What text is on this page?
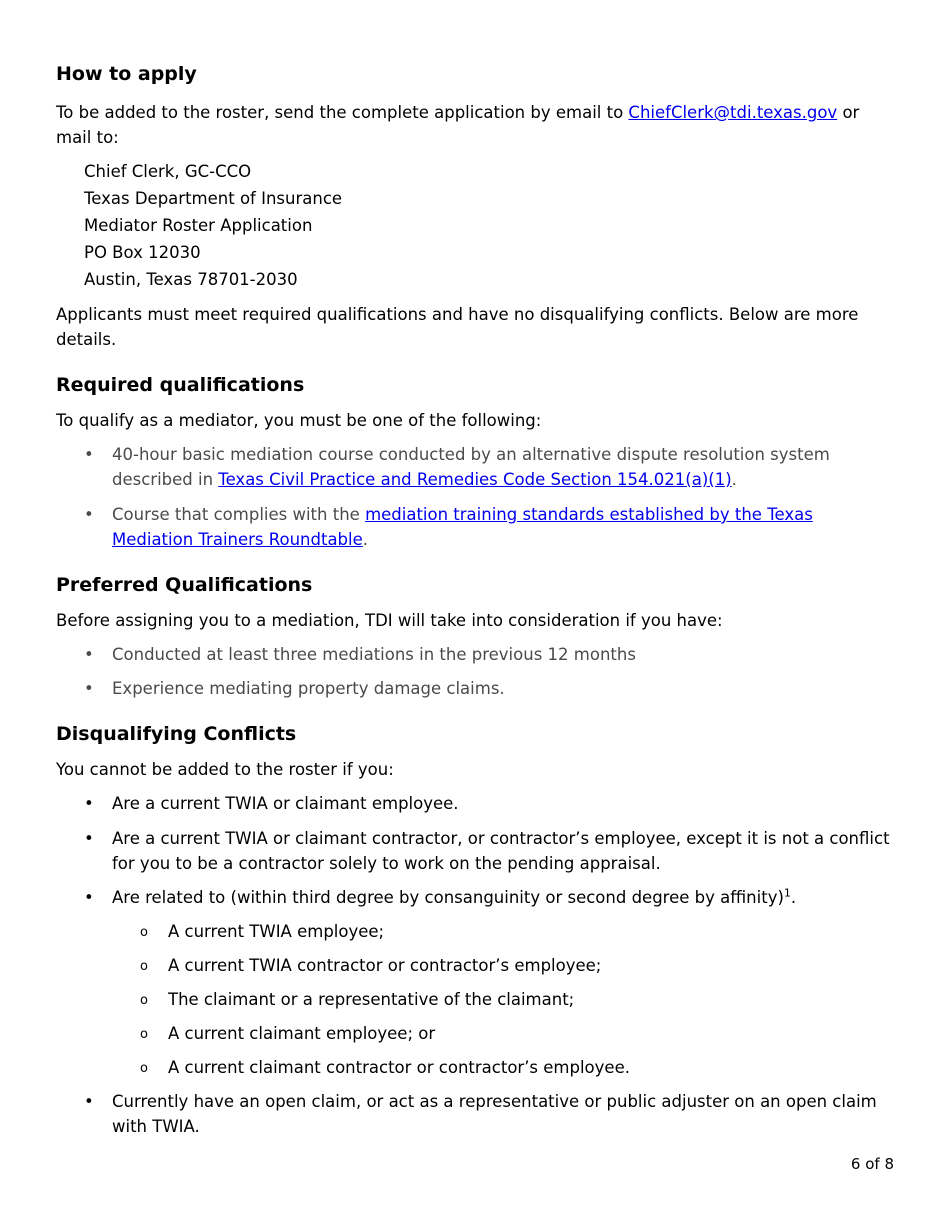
How to apply

To be added to the roster, send the complete application by email to ChiefClerk@tdi.texas.gov or mail to:

Chief Clerk, GC-CCO
Texas Department of Insurance
Mediator Roster Application
PO Box 12030
Austin, Texas 78701-2030

Applicants must meet required qualifications and have no disqualifying conflicts. Below are more details.

Required qualifications

To qualify as a mediator, you must be one of the following:

• 40-hour basic mediation course conducted by an alternative dispute resolution system described in Texas Civil Practice and Remedies Code Section 154.021(a)(1).
• Course that complies with the mediation training standards established by the Texas Mediation Trainers Roundtable.
Preferred Qualifications

Before assigning you to a mediation, TDI will take into consideration if you have:

• Conducted at least three mediations in the previous 12 months
• Experience mediating property damage claims.
Disqualifying Conflicts

You cannot be added to the roster if you:

• Are a current TWIA or claimant employee.
• Are a current TWIA or claimant contractor, or contractor’s employee, except it is not a conflict for you to be a contractor solely to work on the pending appraisal.
• Are related to (within third degree by consanguinity or second degree by affinity)$^1$.
o A current TWIA employee;
o A current TWIA contractor or contractor’s employee;
o The claimant or a representative of the claimant;
o A current claimant employee; or
o A current claimant contractor or contractor’s employee.
• Currently have an open claim, or act as a representative or public adjuster on an open claim with TWIA.
6 of 8
